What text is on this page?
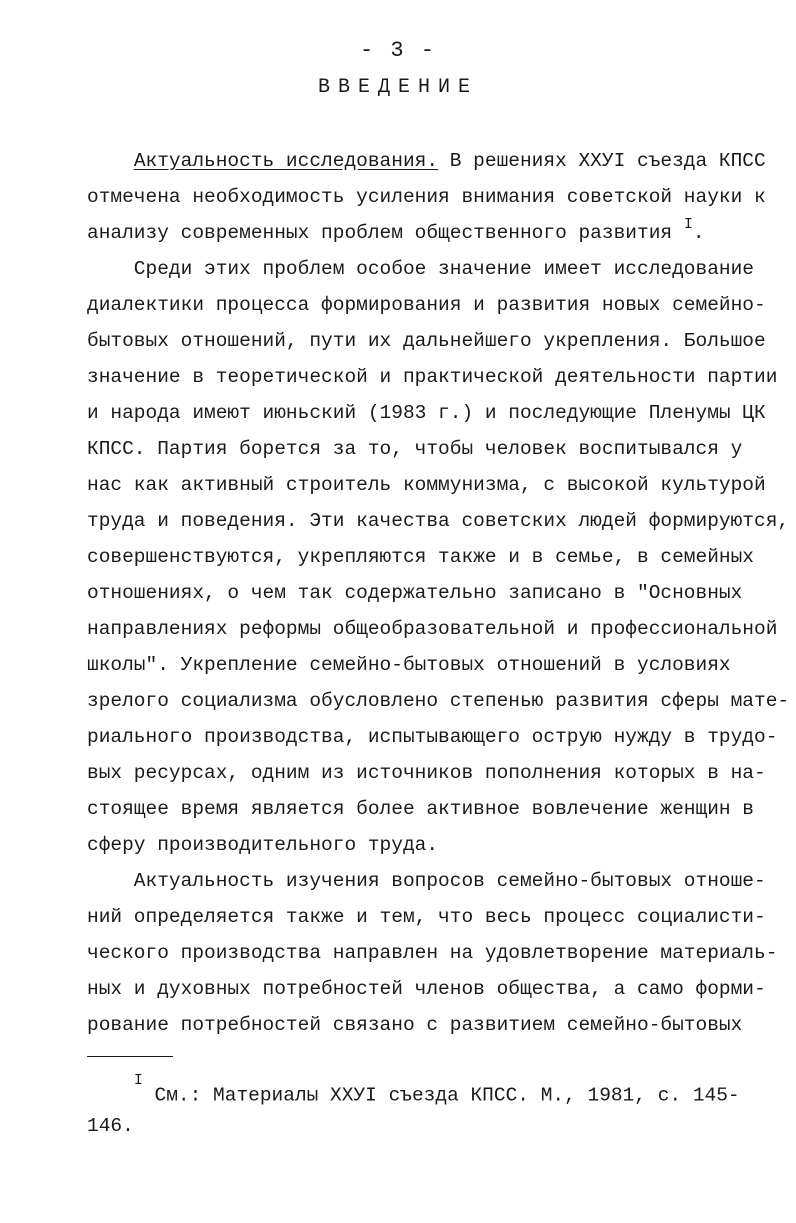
- 3 -
ВВЕДЕНИЕ
Актуальность исследования. В решениях ХХУI съезда КПСС
отмечена необходимость усиления внимания советской науки к
анализу современных проблем общественного развития $^I$.
Среди этих проблем особое значение имеет исследование
диалектики процесса формирования и развития новых семейно-
бытовых отношений, пути их дальнейшего укрепления. Большое
значение в теоретической и практической деятельности партии
и народа имеют июньский (1983 г.) и последующие Пленумы ЦК
КПСС. Партия борется за то, чтобы человек воспитывался у
нас как активный строитель коммунизма, с высокой культурой
труда и поведения. Эти качества советских людей формируются,
совершенствуются, укрепляются также и в семье, в семейных
отношениях, о чем так содержательно записано в "Основных
направлениях реформы общеобразовательной и профессиональной
школы". Укрепление семейно-бытовых отношений в условиях
зрелого социализма обусловлено степенью развития сферы мате-
риального производства, испытывающего острую нужду в трудо-
вых ресурсах, одним из источников пополнения которых в на-
стоящее время является более активное вовлечение женщин в
сферу производительного труда.
Актуальность изучения вопросов семейно-бытовых отноше-
ний определяется также и тем, что весь процесс социалисти-
ческого производства направлен на удовлетворение материаль-
ных и духовных потребностей членов общества, а само форми-
рование потребностей связано с развитием семейно-бытовых
$^I$ См.: Материалы ХХУI съезда КПСС. М., 1981, с. 145-
146.
